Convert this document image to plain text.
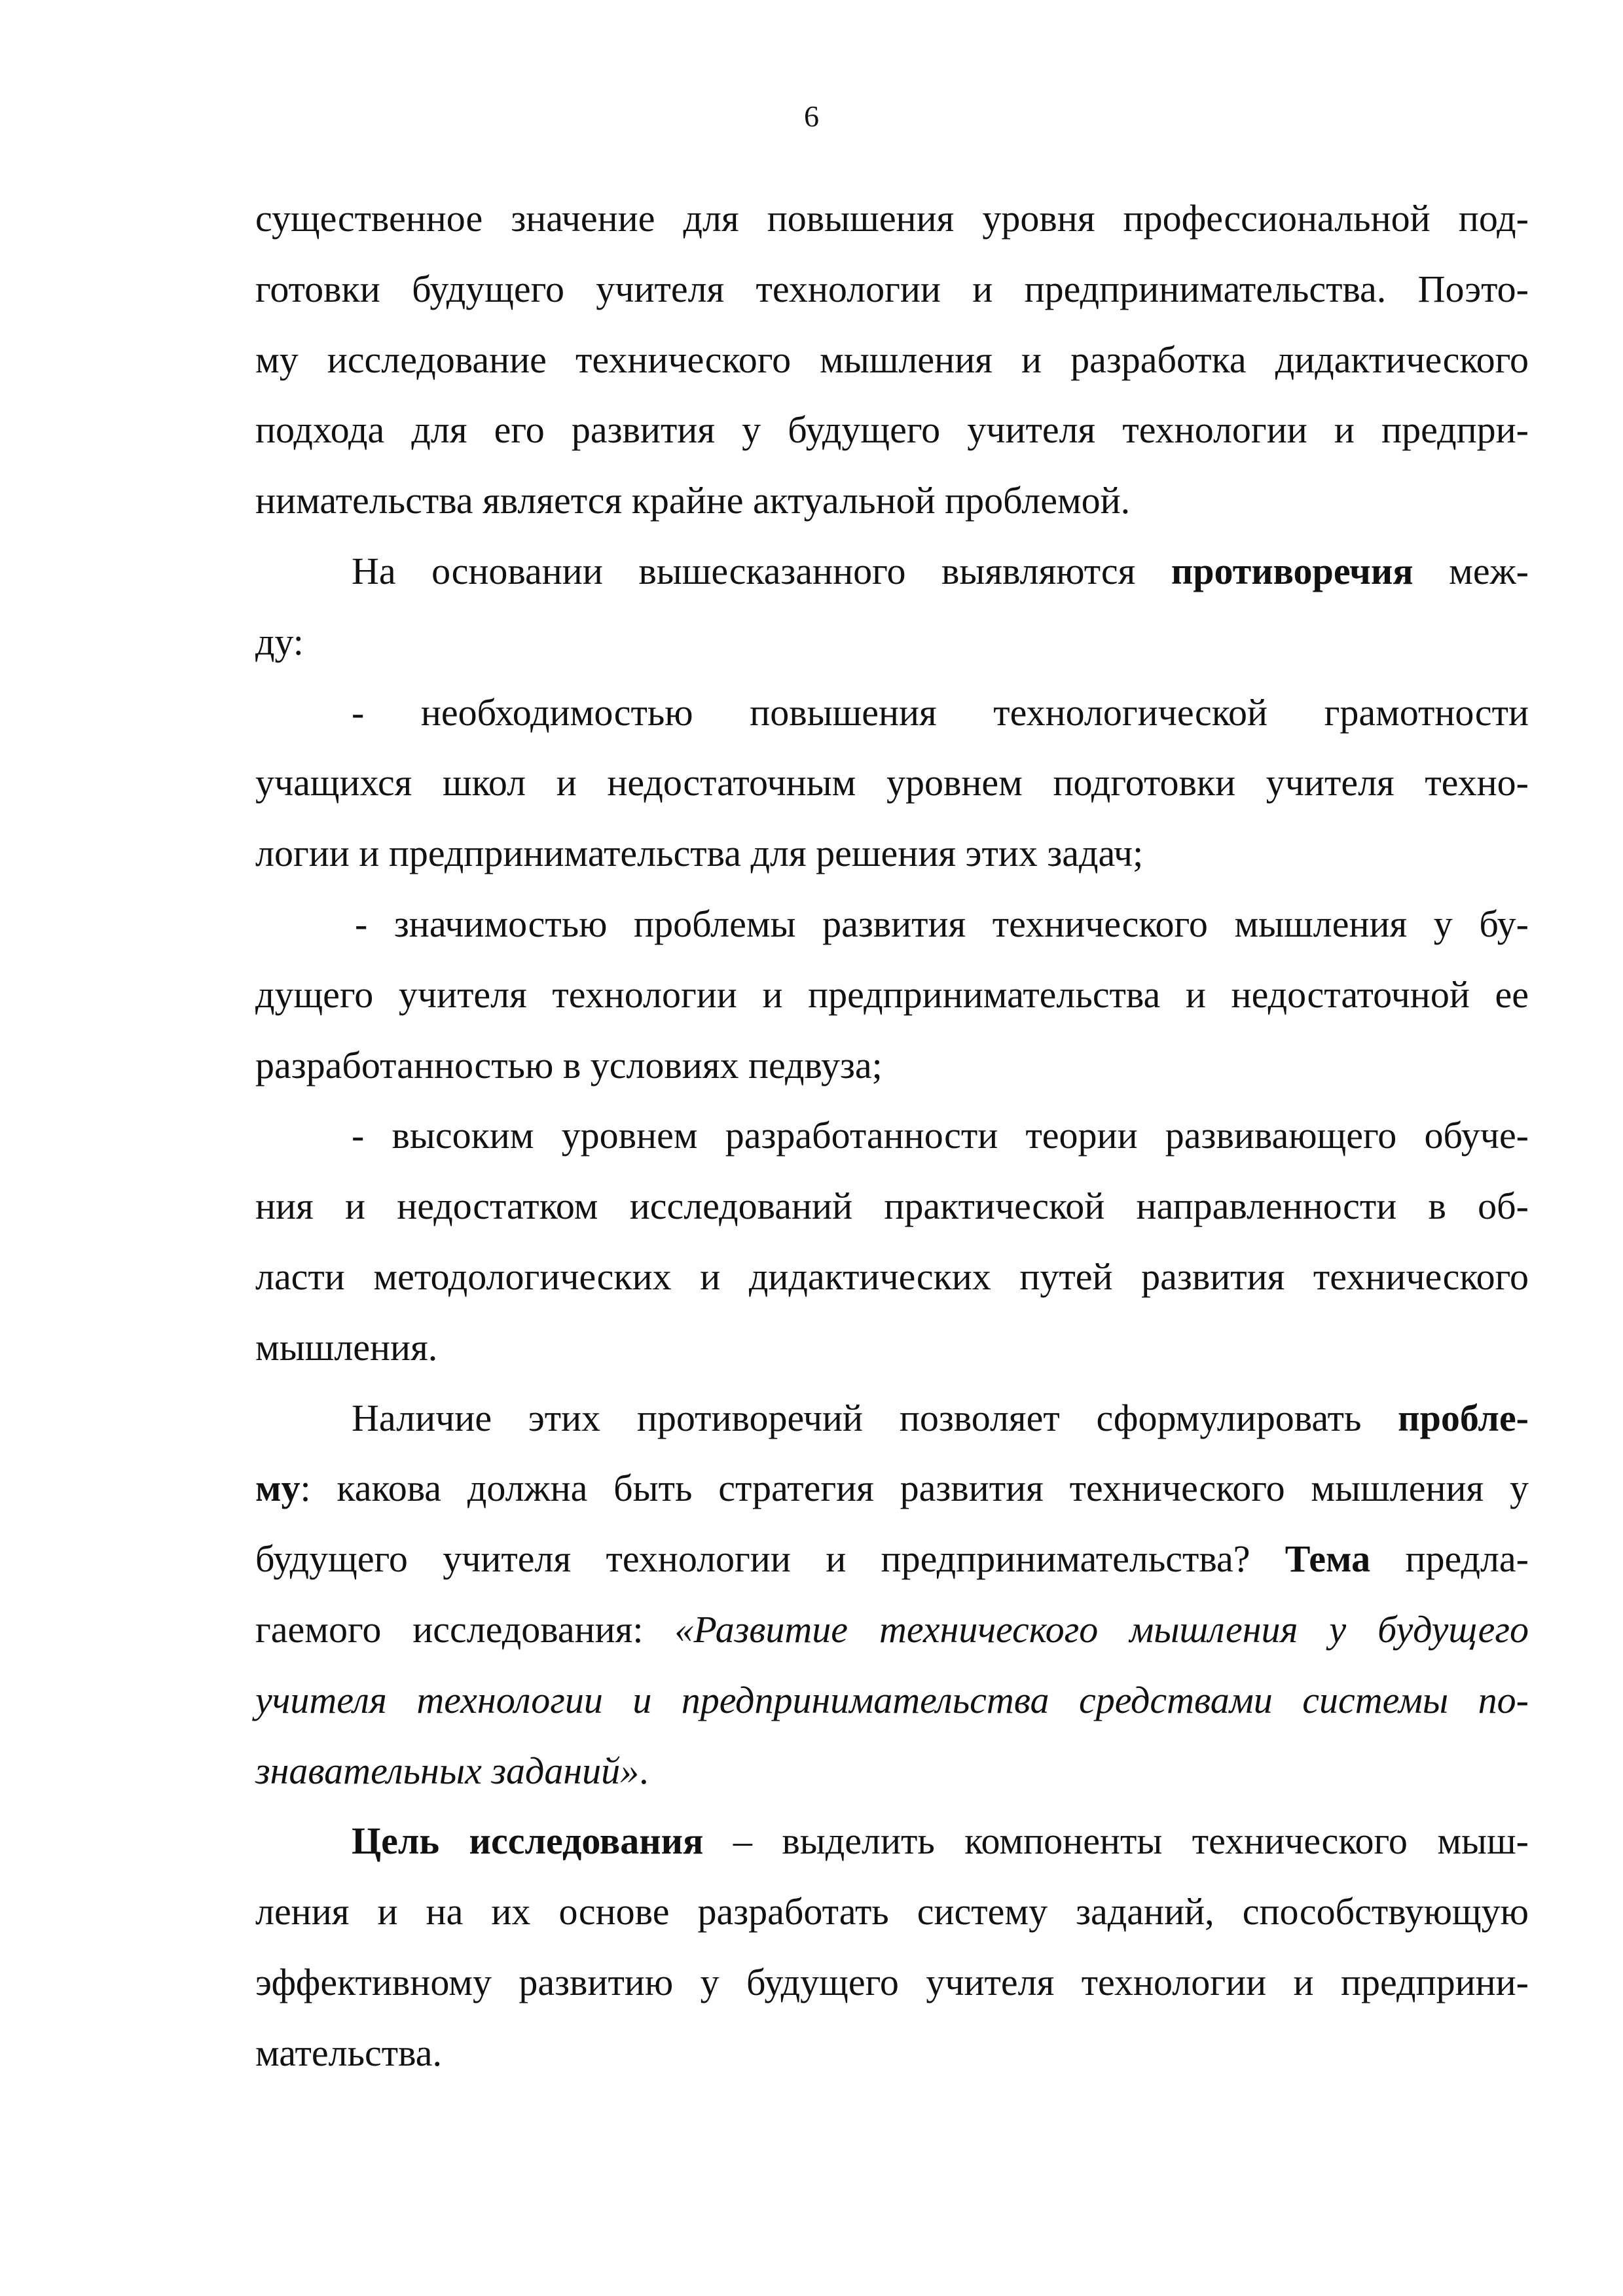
6

существенное значение для повышения уровня профессиональной под-
готовки будущего учителя технологии и предпринимательства. Поэто-
му исследование технического мышления и разработка дидактического
подхода для его развития у будущего учителя технологии и предпри-
нимательства является крайне актуальной проблемой.

На основании вышесказанного выявляются противоречия меж-
ду:

- необходимостью повышения технологической грамотности
учащихся школ и недостаточным уровнем подготовки учителя техно-
логии и предпринимательства для решения этих задач;

- значимостью проблемы развития технического мышления у бу-
дущего учителя технологии и предпринимательства и недостаточной ее
разработанностью в условиях педвуза;

- высоким уровнем разработанности теории развивающего обуче-
ния и недостатком исследований практической направленности в об-
ласти методологических и дидактических путей развития технического
мышления.

Наличие этих противоречий позволяет сформулировать пробле-
му: какова должна быть стратегия развития технического мышления у
будущего учителя технологии и предпринимательства? Тема предла-
гаемого исследования: «Развитие технического мышления у будущего
учителя технологии и предпринимательства средствами системы по-
знавательных заданий».

Цель исследования – выделить компоненты технического мыш-
ления и на их основе разработать систему заданий, способствующую
эффективному развитию у будущего учителя технологии и предприни-
мательства.
